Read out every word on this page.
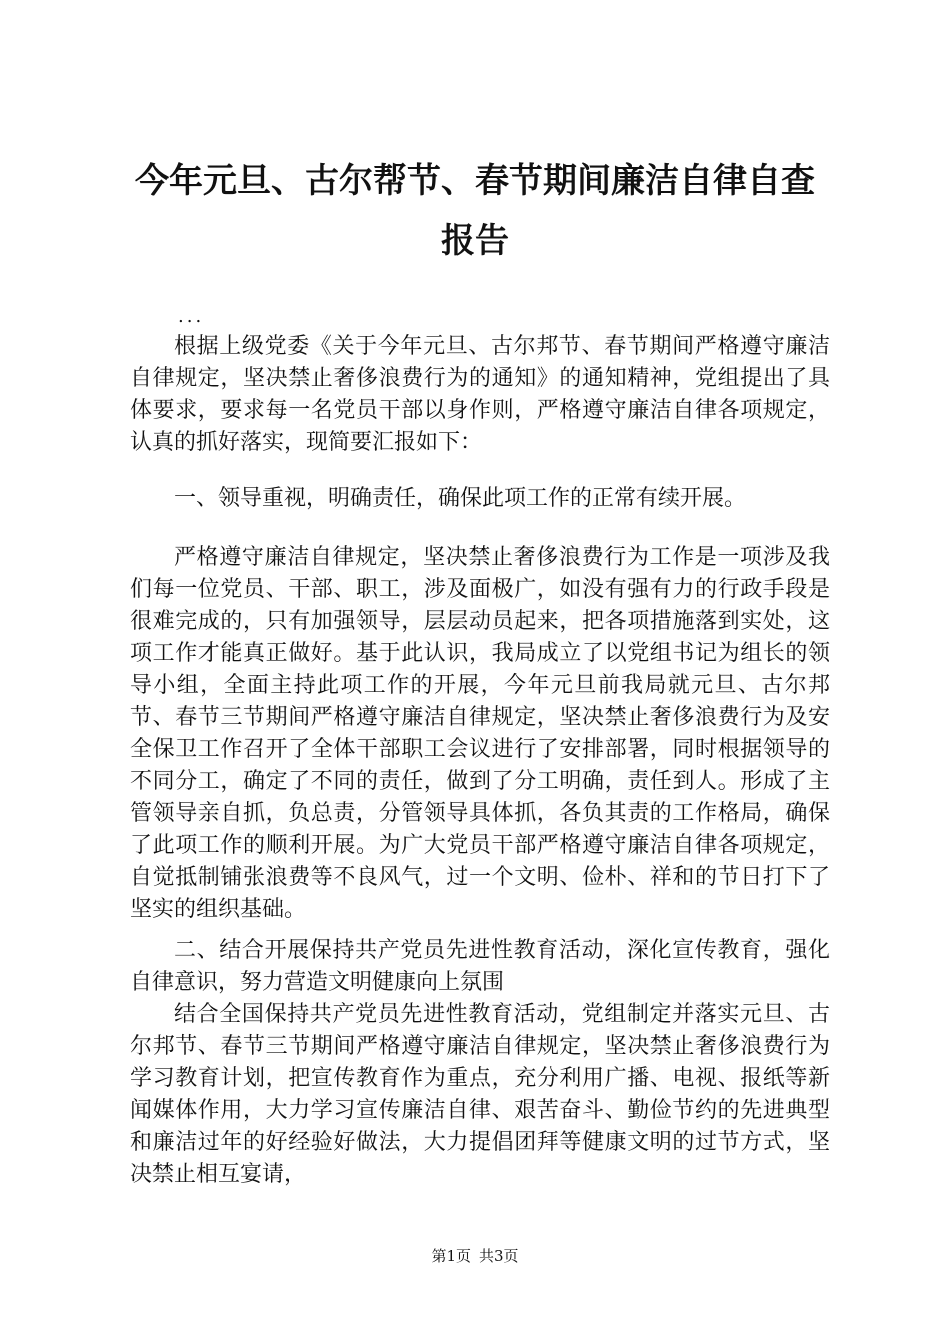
今年元旦、古尔帮节、春节期间廉洁自律自查
报告
...

根据上级党委《关于今年元旦、古尔邦节、春节期间严格遵守廉洁自律规定，坚决禁止奢侈浪费行为的通知》的通知精神，党组提出了具体要求，要求每一名党员干部以身作则，严格遵守廉洁自律各项规定，认真的抓好落实，现简要汇报如下：

一、领导重视，明确责任，确保此项工作的正常有续开展。

严格遵守廉洁自律规定，坚决禁止奢侈浪费行为工作是一项涉及我们每一位党员、干部、职工，涉及面极广，如没有强有力的行政手段是很难完成的，只有加强领导，层层动员起来，把各项措施落到实处，这项工作才能真正做好。基于此认识，我局成立了以党组书记为组长的领导小组，全面主持此项工作的开展，今年元旦前我局就元旦、古尔邦节、春节三节期间严格遵守廉洁自律规定，坚决禁止奢侈浪费行为及安全保卫工作召开了全体干部职工会议进行了安排部署，同时根据领导的不同分工，确定了不同的责任，做到了分工明确，责任到人。形成了主管领导亲自抓，负总责，分管领导具体抓，各负其责的工作格局，确保了此项工作的顺利开展。为广大党员干部严格遵守廉洁自律各项规定，自觉抵制铺张浪费等不良风气，过一个文明、俭朴、祥和的节日打下了坚实的组织基础。

二、结合开展保持共产党员先进性教育活动，深化宣传教育，强化自律意识，努力营造文明健康向上氛围

结合全国保持共产党员先进性教育活动，党组制定并落实元旦、古尔邦节、春节三节期间严格遵守廉洁自律规定，坚决禁止奢侈浪费行为学习教育计划，把宣传教育作为重点，充分利用广播、电视、报纸等新闻媒体作用，大力学习宣传廉洁自律、艰苦奋斗、勤俭节约的先进典型和廉洁过年的好经验好做法，大力提倡团拜等健康文明的过节方式，坚决禁止相互宴请，

第1页 共3页
